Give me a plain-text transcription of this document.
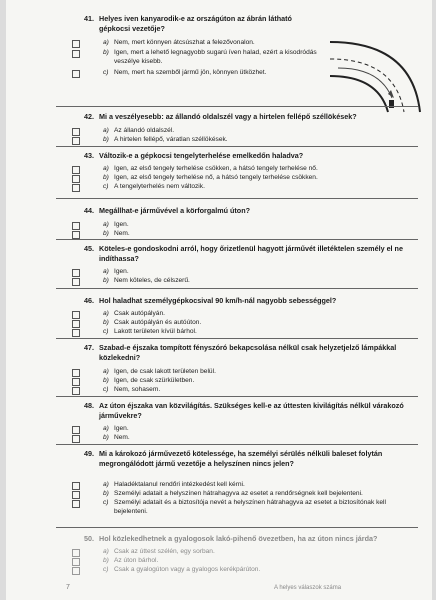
41. Helyes iven kanyarodik-e az országúton az ábrán látható gépkocsi vezetője?
a) Nem, mert könnyen átcsúszhat a felezővonalon.
b) Igen, mert a lehető legnagyobb sugarú íven halad, ezért a kisodródás veszélye kisebb.
c) Nem, mert ha szemből jármű jön, könnyen ütközhet.
42. Mi a veszélyesebb: az állandó oldalszél vagy a hirtelen fellépő széllökések?
a) Az állandó oldalszél.
b) A hirtelen fellépő, váratlan széllökések.
43. Változik-e a gépkocsi tengelyterhelése emelkedőn haladva?
a) Igen, az első tengely terhelése csökken, a hátsó tengely terhelése nő.
b) Igen, az első tengely terhelése nő, a hátsó tengely terhelése csökken.
c) A tengelyterhelés nem változik.
44. Megállhat-e járművével a körforgalmú úton?
a) Igen.
b) Nem.
45. Köteles-e gondoskodni arról, hogy őrizetlenül hagyott járművét illetéktelen személy el ne indíthassa?
a) Igen.
b) Nem köteles, de célszerű.
46. Hol haladhat személygépkocsival 90 km/h-nál nagyobb sebességgel?
a) Csak autópályán.
b) Csak autópályán és autóúton.
c) Lakott területen kívül bárhol.
47. Szabad-e éjszaka tompított fényszóró bekapcsolása nélkül csak helyzetjelző lámpákkal közlekedni?
a) Igen, de csak lakott területen belül.
b) Igen, de csak szürkületben.
c) Nem, sohasem.
48. Az úton éjszaka van közvilágítás. Szükséges kell-e az úttesten kivilágítás nélkül várakozó járművekre?
a) Igen.
b) Nem.
49. Mi a károkozó járművezető kötelessége, ha személyi sérülés nélküli baleset folytán megrongálódott jármű vezetője a helyszínen nincs jelen?
a) Haladéktalanul rendőri intézkedést kell kérni.
b) Személyi adatait a helyszínen hátrahagyva az esetet a rendőrségnek kell bejelenteni.
c) Személyi adatait és a biztosítója nevét a helyszínen hátrahagyva az esetet a biztosítónak kell bejelenteni.
50. Hol közlekedhetnek a gyalogosok lakó-pihenő övezetben, ha az úton nincs járda?
a) Csak az úttest szélén, egy sorban.
b) Az úton bárhol.
c) Csak a gyalogúton vagy a gyalogos kerékpárúton.
7	A helyes válaszok száma
